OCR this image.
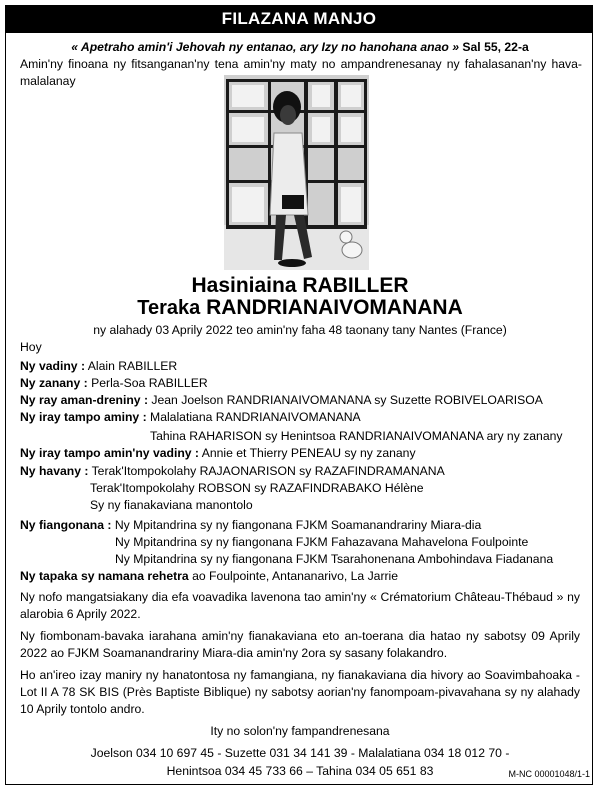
FILAZANA MANJO
« Apetraho amin'i Jehovah ny entanao, ary Izy no hanohana anao » Sal 55, 22-a
Amin'ny finoana ny fitsanganan'ny tena amin'ny maty no ampandrenesanay ny fahalasanan'ny hava-malalanay
Hasiniaina RABILLER
Teraka RANDRIANAIVOMANANA
ny alahady 03 Aprily 2022 teo amin'ny faha 48 taonany tany Nantes (France)
Hoy
Ny vadiny : Alain RABILLER
Ny zanany : Perla-Soa RABILLER
Ny ray aman-dreniny : Jean Joelson RANDRIANAIVOMANANA sy Suzette ROBIVELOARISOA
Ny iray tampo aminy : Malalatiana RANDRIANAIVOMANANA
Tahina RAHARISON sy Henintsoa RANDRIANAIVOMANANA ary ny zanany
Ny iray tampo amin'ny vadiny : Annie et Thierry PENEAU sy ny zanany
Ny havany : Terak'Itompokolahy RAJAONARISON sy RAZAFINDRAMANANA
Terak'Itompokolahy ROBSON sy RAZAFINDRABAKO Hélène
Sy ny fianakaviana manontolo
Ny fiangonana : Ny Mpitandrina sy ny fiangonana FJKM Soamanandrariny Miara-dia
Ny Mpitandrina sy ny fiangonana FJKM Fahazavana Mahavelona Foulpointe
Ny Mpitandrina sy ny fiangonana FJKM Tsarahonenana Ambohindava Fiadanana
Ny tapaka sy namana rehetra ao Foulpointe, Antananarivo, La Jarrie
Ny nofo mangatsiakany dia efa voavadika lavenona tao amin'ny « Crématorium Château-Thébaud » ny alarobia 6 Aprily 2022.
Ny fiombonam-bavaka iarahana amin'ny fianakaviana eto an-toerana dia hatao ny sabotsy 09 Aprily 2022 ao FJKM Soamanandrariny Miara-dia amin'ny 2ora sy sasany folakandro.
Ho an'ireo izay maniry ny hanatontosa ny famangiana, ny fianakaviana dia hivory ao Soavimbahoaka - Lot II A 78 SK BIS (Près Baptiste Biblique) ny sabotsy aorian'ny fanompoam-pivavahana sy ny alahady 10 Aprily tontolo andro.
Ity no solon'ny fampandrenesana
Joelson 034 10 697 45 - Suzette 031 34 141 39 - Malalatiana 034 18 012 70 -
Henintsoa 034 45 733 66 – Tahina 034 05 651 83	M-NC 00001048/1-1
